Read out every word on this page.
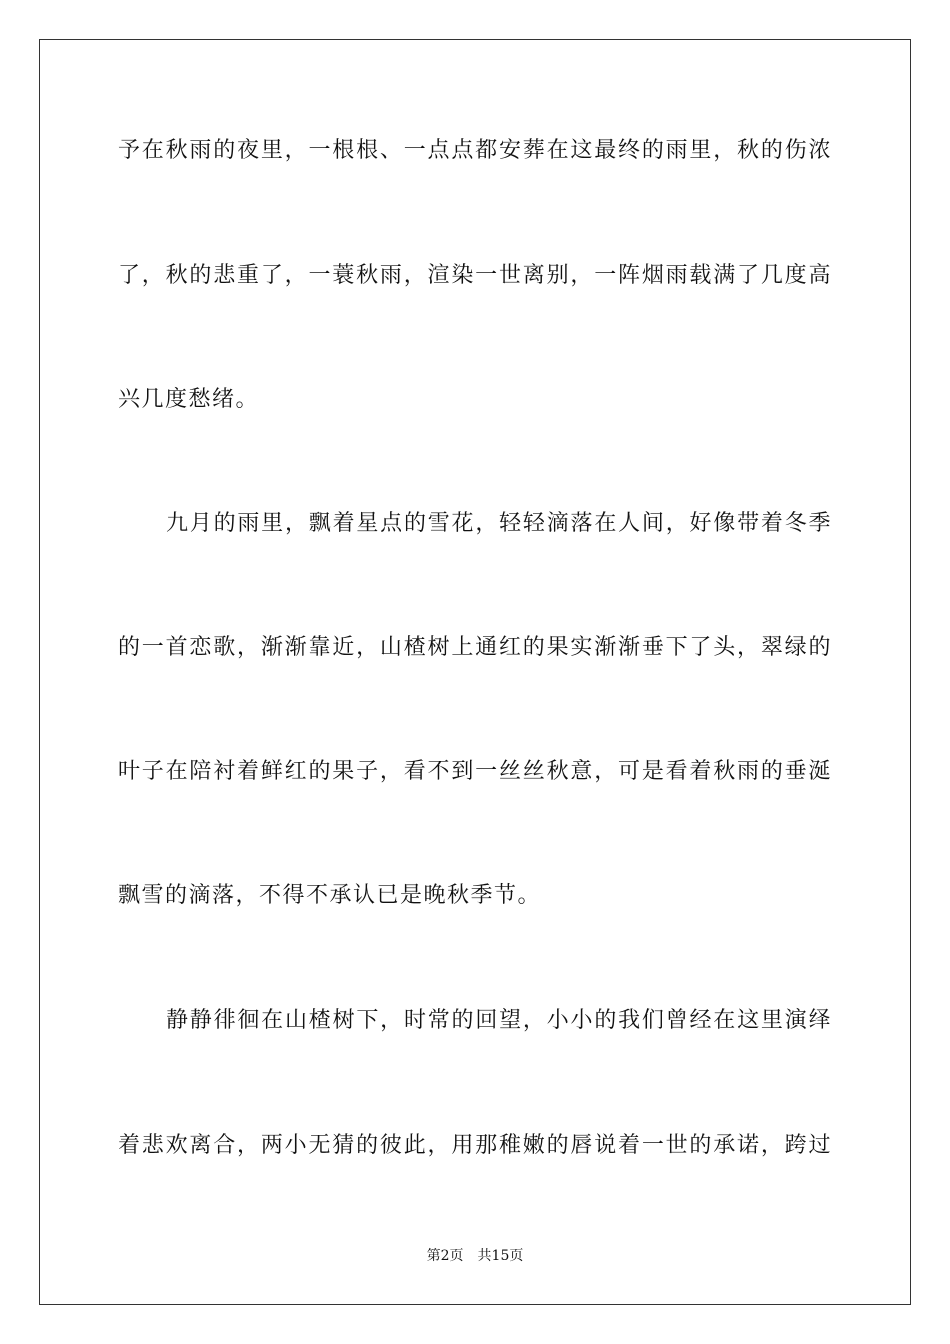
予在秋雨的夜里，一根根、一点点都安葬在这最终的雨里，秋的伤浓
了，秋的悲重了，一蓑秋雨，渲染一世离别，一阵烟雨载满了几度高
兴几度愁绪。
九月的雨里，飘着星点的雪花，轻轻滴落在人间，好像带着冬季
的一首恋歌，渐渐靠近，山楂树上通红的果实渐渐垂下了头，翠绿的
叶子在陪衬着鲜红的果子，看不到一丝丝秋意，可是看着秋雨的垂涎
飘雪的滴落，不得不承认已是晚秋季节。
静静徘徊在山楂树下，时常的回望，小小的我们曾经在这里演绎
着悲欢离合，两小无猜的彼此，用那稚嫩的唇说着一世的承诺，跨过
第2页 共15页
